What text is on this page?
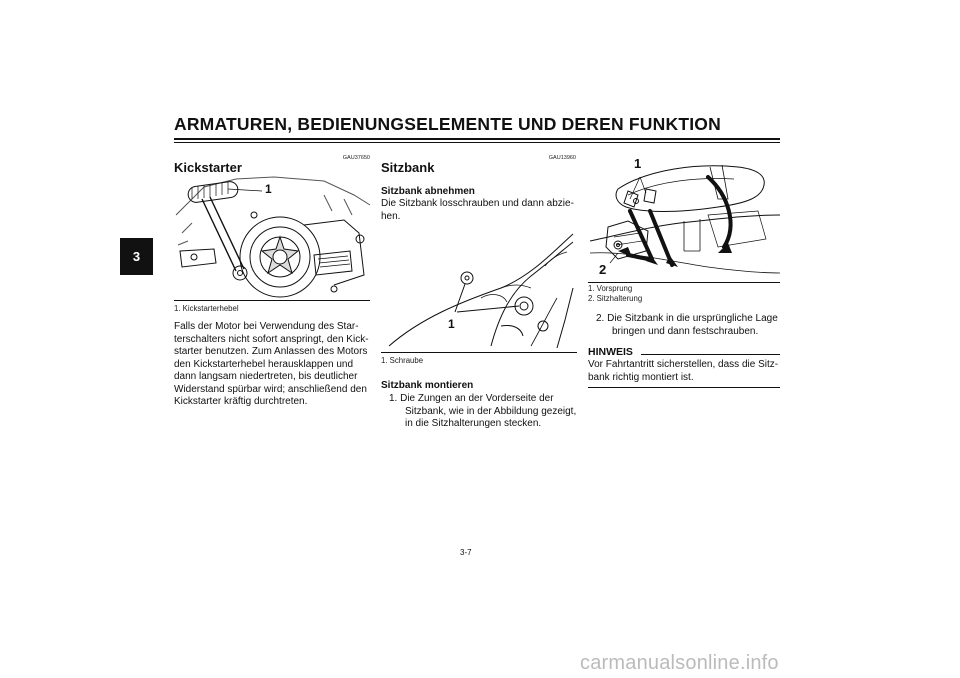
ARMATUREN, BEDIENUNGSELEMENTE UND DEREN FUNKTION
3
GAU37650
Kickstarter
1
1. Kickstarterhebel
Falls der Motor bei Verwendung des Star-
terschalters nicht sofort anspringt, den Kick-
starter benutzen. Zum Anlassen des Motors
den Kickstarterhebel herausklappen und
dann langsam niedertreten, bis deutlicher
Widerstand spürbar wird; anschließend den
Kickstarter kräftig durchtreten.
GAU13960
Sitzbank
Sitzbank abnehmen
Die Sitzbank losschrauben und dann abzie-
hen.
1
1. Schraube
Sitzbank montieren
1. Die Zungen an der Vorderseite der
Sitzbank, wie in der Abbildung gezeigt,
in die Sitzhalterungen stecken.
1
2
1. Vorsprung
2. Sitzhalterung
2. Die Sitzbank in die ursprüngliche Lage
bringen und dann festschrauben.
HINWEIS
Vor Fahrtantritt sicherstellen, dass die Sitz-
bank richtig montiert ist.
3-7
carmanualsonline.info
